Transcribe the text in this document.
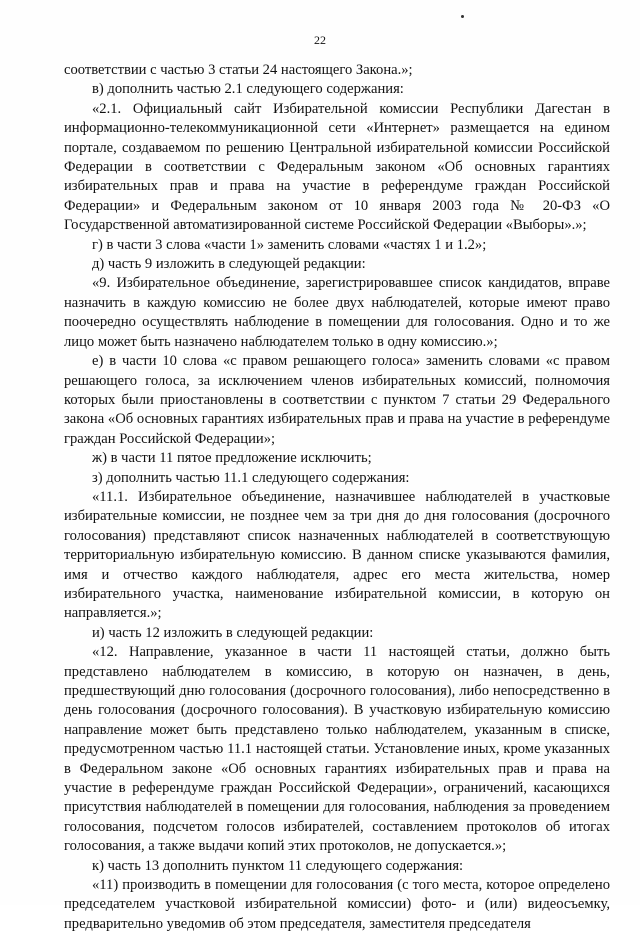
22

соответствии с частью 3 статьи 24 настоящего Закона.»;

в) дополнить частью 2.1 следующего содержания:

«2.1. Официальный сайт Избирательной комиссии Республики Дагестан в информационно-телекоммуникационной сети «Интернет» размещается на едином портале, создаваемом по решению Центральной избирательной комиссии Российской Федерации в соответствии с Федеральным законом «Об основных гарантиях избирательных прав и права на участие в референдуме граждан Российской Федерации» и Федеральным законом от 10 января 2003 года № 20-ФЗ «О Государственной автоматизированной системе Российской Федерации «Выборы».»;

г) в части 3 слова «части 1» заменить словами «частях 1 и 1.2»;

д) часть 9 изложить в следующей редакции:

«9. Избирательное объединение, зарегистрировавшее список кандидатов, вправе назначить в каждую комиссию не более двух наблюдателей, которые имеют право поочередно осуществлять наблюдение в помещении для голосования. Одно и то же лицо может быть назначено наблюдателем только в одну комиссию.»;

е) в части 10 слова «с правом решающего голоса» заменить словами «с правом решающего голоса, за исключением членов избирательных комиссий, полномочия которых были приостановлены в соответствии с пунктом 7 статьи 29 Федерального закона «Об основных гарантиях избирательных прав и права на участие в референдуме граждан Российской Федерации»;

ж) в части 11 пятое предложение исключить;

з) дополнить частью 11.1 следующего содержания:

«11.1. Избирательное объединение, назначившее наблюдателей в участковые избирательные комиссии, не позднее чем за три дня до дня голосования (досрочного голосования) представляют список назначенных наблюдателей в соответствующую территориальную избирательную комиссию. В данном списке указываются фамилия, имя и отчество каждого наблюдателя, адрес его места жительства, номер избирательного участка, наименование избирательной комиссии, в которую он направляется.»;

и) часть 12 изложить в следующей редакции:

«12. Направление, указанное в части 11 настоящей статьи, должно быть представлено наблюдателем в комиссию, в которую он назначен, в день, предшествующий дню голосования (досрочного голосования), либо непосредственно в день голосования (досрочного голосования). В участковую избирательную комиссию направление может быть представлено только наблюдателем, указанным в списке, предусмотренном частью 11.1 настоящей статьи. Установление иных, кроме указанных в Федеральном законе «Об основных гарантиях избирательных прав и права на участие в референдуме граждан Российской Федерации», ограничений, касающихся присутствия наблюдателей в помещении для голосования, наблюдения за проведением голосования, подсчетом голосов избирателей, составлением протоколов об итогах голосования, а также выдачи копий этих протоколов, не допускается.»;

к) часть 13 дополнить пунктом 11 следующего содержания:

«11) производить в помещении для голосования (с того места, которое определено председателем участковой избирательной комиссии) фото- и (или) видеосъемку, предварительно уведомив об этом председателя, заместителя председателя
